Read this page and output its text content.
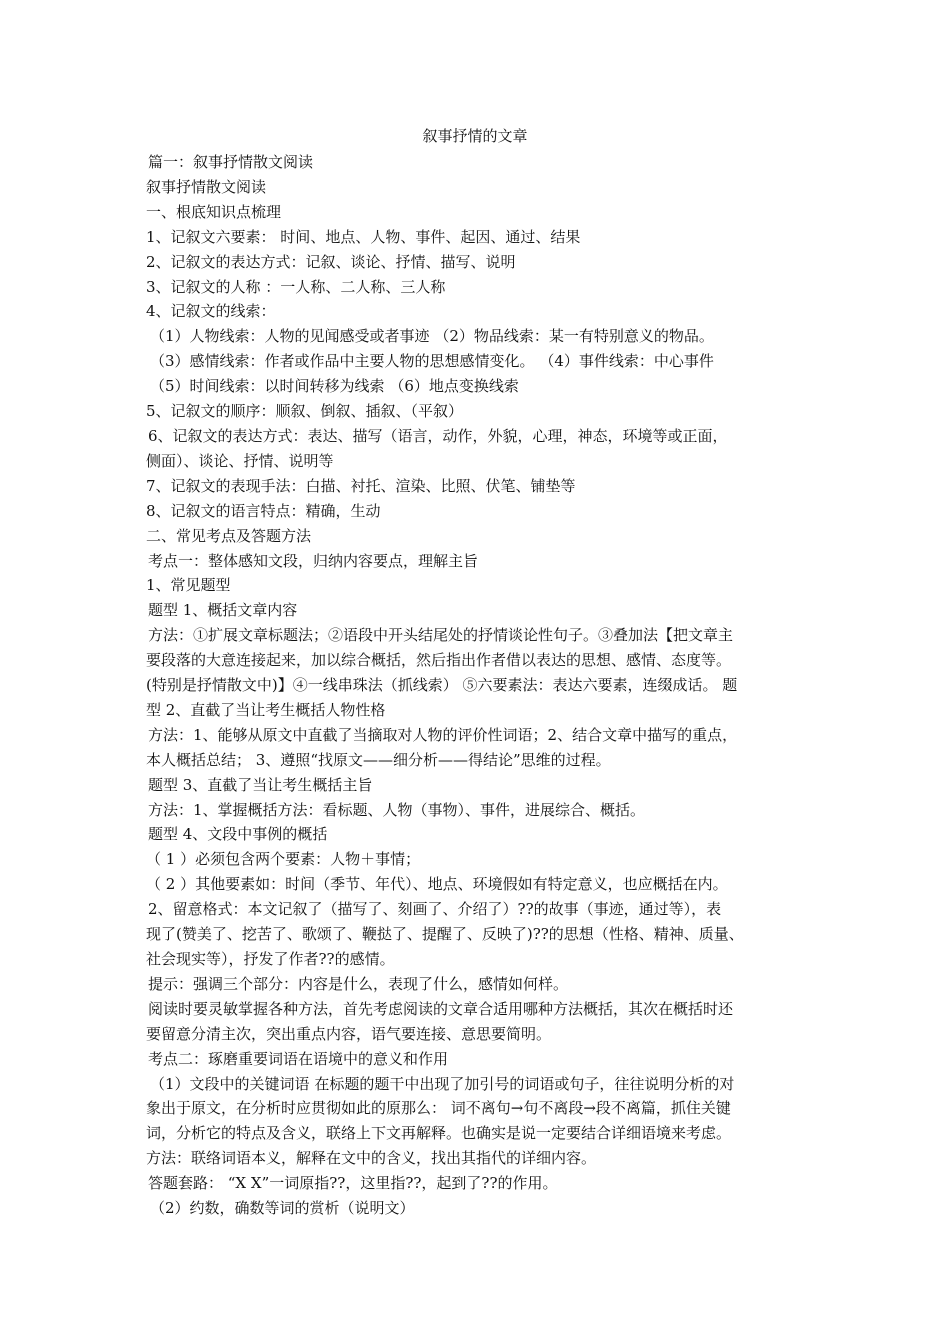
叙事抒情的文章
篇一：叙事抒情散文阅读
叙事抒情散文阅读
一、根底知识点梳理
1、记叙文六要素： 时间、地点、人物、事件、起因、通过、结果
2、记叙文的表达方式：记叙、谈论、抒情、描写、说明
3、记叙文的人称 ：一人称、二人称、三人称
4、记叙文的线索：
（1）人物线索：人物的见闻感受或者事迹 （2）物品线索：某一有特别意义的物品。
（3）感情线索：作者或作品中主要人物的思想感情变化。 （4）事件线索：中心事件
（5）时间线索：以时间转移为线索 （6）地点变换线索
5、记叙文的顺序：顺叙、倒叙、插叙、（平叙）
6、记叙文的表达方式：表达、描写（语言，动作，外貌，心理，神态，环境等或正面，
侧面）、谈论、抒情、说明等
7、记叙文的表现手法：白描、衬托、渲染、比照、伏笔、铺垫等
8、记叙文的语言特点：精确，生动
二、常见考点及答题方法
考点一：整体感知文段，归纳内容要点，理解主旨
1、常见题型
题型 1、概括文章内容
方法：①扩展文章标题法；②语段中开头结尾处的抒情谈论性句子。③叠加法【把文章主
要段落的大意连接起来，加以综合概括，然后指出作者借以表达的思想、感情、态度等。
(特别是抒情散文中)】④一线串珠法（抓线索） ⑤六要素法：表达六要素，连缀成话。 题
型 2、直截了当让考生概括人物性格
方法：1、能够从原文中直截了当摘取对人物的评价性词语；2、结合文章中描写的重点，
本人概括总结； 3、遵照“找原文——细分析——得结论”思维的过程。
题型 3、直截了当让考生概括主旨
方法：1、掌握概括方法：看标题、人物（事物）、事件，进展综合、概括。
题型 4、文段中事例的概括
（ 1 ）必须包含两个要素：人物＋事情；
（ 2 ）其他要素如：时间（季节、年代）、地点、环境假如有特定意义，也应概括在内。
2、留意格式：本文记叙了（描写了、刻画了、介绍了）??的故事（事迹，通过等），表
现了(赞美了、挖苦了、歌颂了、鞭挞了、提醒了、反映了)??的思想（性格、精神、质量、
社会现实等），抒发了作者??的感情。
提示：强调三个部分：内容是什么，表现了什么，感情如何样。
阅读时要灵敏掌握各种方法，首先考虑阅读的文章合适用哪种方法概括，其次在概括时还
要留意分清主次，突出重点内容，语气要连接、意思要简明。
考点二：琢磨重要词语在语境中的意义和作用
（1）文段中的关键词语 在标题的题干中出现了加引号的词语或句子，往往说明分析的对
象出于原文，在分析时应贯彻如此的原那么： 词不离句→句不离段→段不离篇，抓住关键
词，分析它的特点及含义，联络上下文再解释。也确实是说一定要结合详细语境来考虑。
方法：联络词语本义，解释在文中的含义，找出其指代的详细内容。
答题套路： “X X”一词原指??，这里指??，起到了??的作用。
（2）约数，确数等词的赏析（说明文）
